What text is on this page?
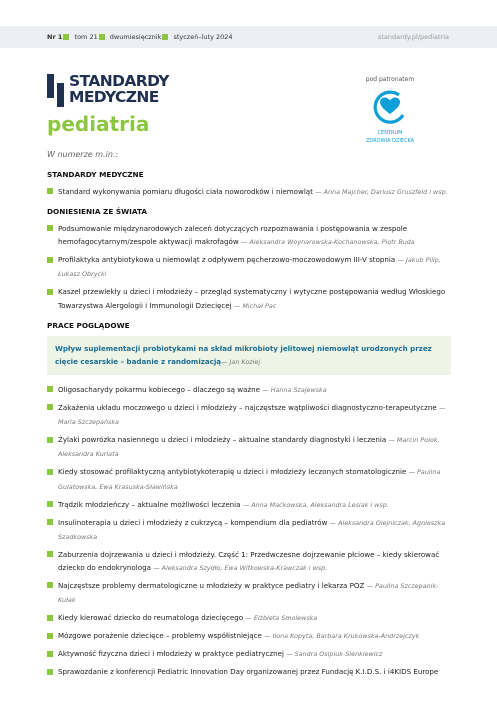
Nr 1 tom 21 dwumiesięcznik styczeń–luty 2024	standardy.pl/pediatria
STANDARDY
MEDYCZNE
pediatria
pod patronatem
CENTRUM
ZDROWIA DZIECKA
W numerze m.in.:
STANDARDY MEDYCZNE
Standard wykonywania pomiaru długości ciała noworodków i niemowląt — Anna Majcher, Dariusz Gruszfeld i wsp.
DONIESIENIA ZE ŚWIATA
Podsumowanie międzynarodowych zaleceń dotyczących rozpoznawania i postępowania w zespole hemofagocytarnym/zespole aktywacji makrofagów — Aleksandra Woynarowska-Kochanowska, Piotr Buda
Profilaktyka antybiotykowa u niemowląt z odpływem pęcherzowo-moczowodowym III-V stopnia — Jakub Pilip, Łukasz Obrycki
Kaszel przewlekły u dzieci i młodzieży – przegląd systematyczny i wytyczne postępowania według Włoskiego Towarzystwa Alergologii i Immunologii Dziecięcej — Michał Pac
PRACE POGLĄDOWE
Wpływ suplementacji probiotykami na skład mikrobioty jelitowej niemowląt urodzonych przez cięcie cesarskie – badanie z randomizacją— Jan Koziej
Oligosacharydy pokarmu kobiecego – dlaczego są ważne — Hanna Szajewska
Zakażenia układu moczowego u dzieci i młodzieży – najczęstsze wątpliwości diagnostyczno-terapeutyczne — Maria Szczepańska
Żylaki powrózka nasiennego u dzieci i młodzieży – aktualne standardy diagnostyki i leczenia — Marcin Polok, Aleksandra Kurlata
Kiedy stosować profilaktyczną antybiotykoterapię u dzieci i młodzieży leczonych stomatologicznie — Paulina Gulatowska, Ewa Krasuska-Sławińska
Trądzik młodzieńczy – aktualne możliwości leczenia — Anna Maćkowska, Aleksandra Lesiak i wsp.
Insulinoterapia u dzieci i młodzieży z cukrzycą – kompendium dla pediatrów — Aleksandra Olejniczak, Agnieszka Szadkowska
Zaburzenia dojrzewania u dzieci i młodzieży. Część 1: Przedwczesne dojrzewanie płciowe – kiedy skierować dziecko do endokrynologa — Aleksandra Szydło, Ewa Witkowska-Krawczak i wsp.
Najczęstsze problemy dermatologiczne u młodzieży w praktyce pediatry i lekarza POZ — Paulina Szczepanik-Kułak
Kiedy kierować dziecko do reumatologa dziecięcego — Elżbieta Smolewska
Mózgowe porażenie dziecięce – problemy współistniejące — Ilona Kopyta, Barbara Krukowska-Andrzejczyk
Aktywność fizyczna dzieci i młodzieży w praktyce pediatrycznej — Sandra Osipiuk-Sienkiewicz
Sprawozdanie z konferencji Pediatric Innovation Day organizowanej przez Fundację K.I.D.S. i i4KIDS Europe
